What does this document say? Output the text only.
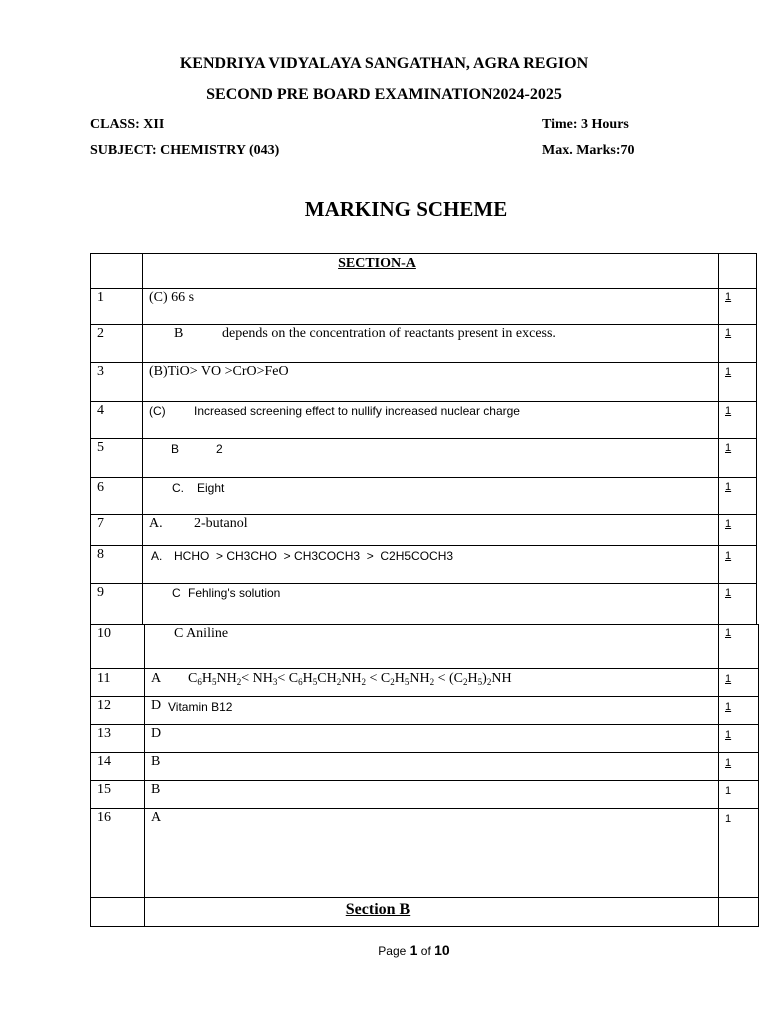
KENDRIYA VIDYALAYA SANGATHAN, AGRA REGION
SECOND PRE BOARD EXAMINATION2024-2025
CLASS: XII	Time: 3 Hours
SUBJECT: CHEMISTRY (043)	Max. Marks:70
MARKING SCHEME
SECTION-A
1	(C) 66 s	1
2	B	depends on the concentration of reactants present in excess.	1
3	(B)TiO> VO >CrO>FeO	1
4	(C) Increased screening effect to nullify increased nuclear charge	1
5	B	2	1
6	C. Eight	1
7	A. 2-butanol	1
8	A. HCHO  > CH3CHO  > CH3COCH3  >  C2H5COCH3	1
9	C Fehling's solution	1
10	C Aniline	1
11	A $C_6H_5NH_2< NH_3< C_6H_5CH_2NH_2 < C_2H_5NH_2 < (C_2H_5)_2NH$	1
12	D Vitamin B12	1
13	D	1
14	B	1
15	B	1
16	A	1
Section B
Page 1 of 10
